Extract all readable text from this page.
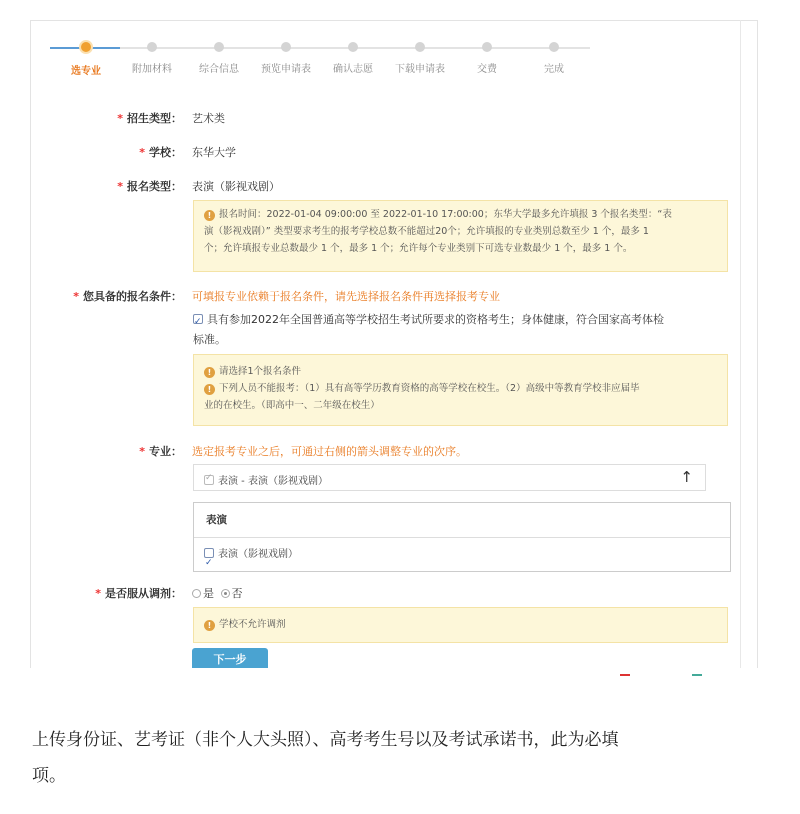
选专业	附加材料	综合信息	预览申请表	确认志愿	下载申请表	交费	完成
* 招生类型： 艺术类
* 学校： 东华大学
* 报名类型： 表演（影视戏剧）
! 报名时间：2022-01-04 09:00:00 至 2022-01-10 17:00:00；东华大学最多允许填报 3 个报名类型：“表
演（影视戏剧）” 类型要求考生的报考学校总数不能超过20个；允许填报的专业类别总数至少 1 个，最多 1
个；允许填报专业总数最少 1 个，最多 1 个；允许每个专业类别下可选专业数最少 1 个，最多 1 个。
* 您具备的报名条件： 可填报专业依赖于报名条件，请先选择报名条件再选择报考专业
✓具有参加2022年全国普通高等学校招生考试所要求的资格考生；身体健康，符合国家高考体检
标准。
! 请选择1个报名条件
! 下列人员不能报考：（1）具有高等学历教育资格的高等学校在校生。（2）高级中等教育学校非应届毕
业的在校生。（即高中一、二年级在校生）
* 专业： 选定报考专业之后，可通过右侧的箭头调整专业的次序。
✓表演 - 表演（影视戏剧）	↑
表演
✓表演（影视戏剧）
* 是否服从调剂：	是 否
! 学校不允许调剂
下一步
上传身份证、艺考证（非个人大头照）、高考考生号以及考试承诺书，此为必填
项。
